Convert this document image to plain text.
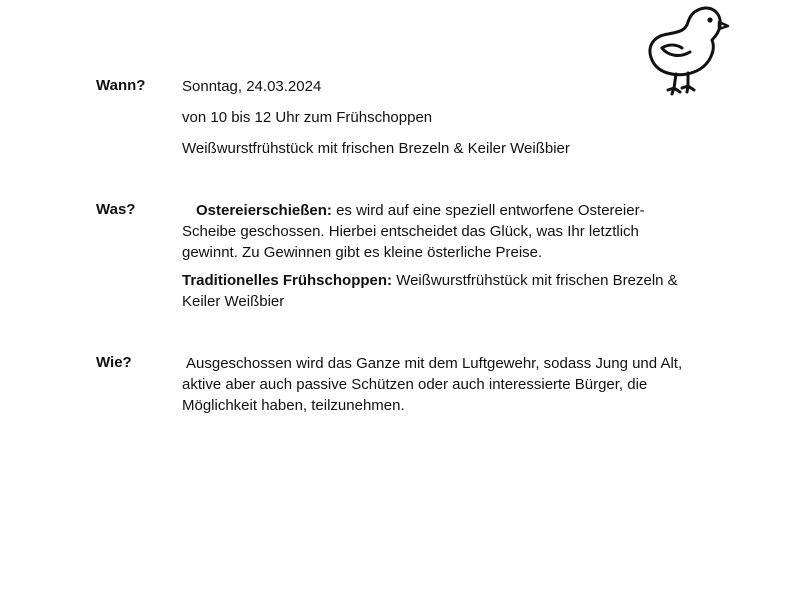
Wann? Sonntag, 24.03.2024
von 10 bis 12 Uhr zum Frühschoppen
Weißwurstfrühstück mit frischen Brezeln & Keiler Weißbier
Was?	Ostereierschießen: es wird auf eine speziell entworfene Ostereier-Scheibe geschossen. Hierbei entscheidet das Glück, was Ihr letztlich gewinnt. Zu Gewinnen gibt es kleine österliche Preise.
Traditionelles Frühschoppen: Weißwurstfrühstück mit frischen Brezeln & Keiler Weißbier
Wie?	Ausgeschossen wird das Ganze mit dem Luftgewehr, sodass Jung und Alt, aktive aber auch passive Schützen oder auch interessierte Bürger, die Möglichkeit haben, teilzunehmen.
